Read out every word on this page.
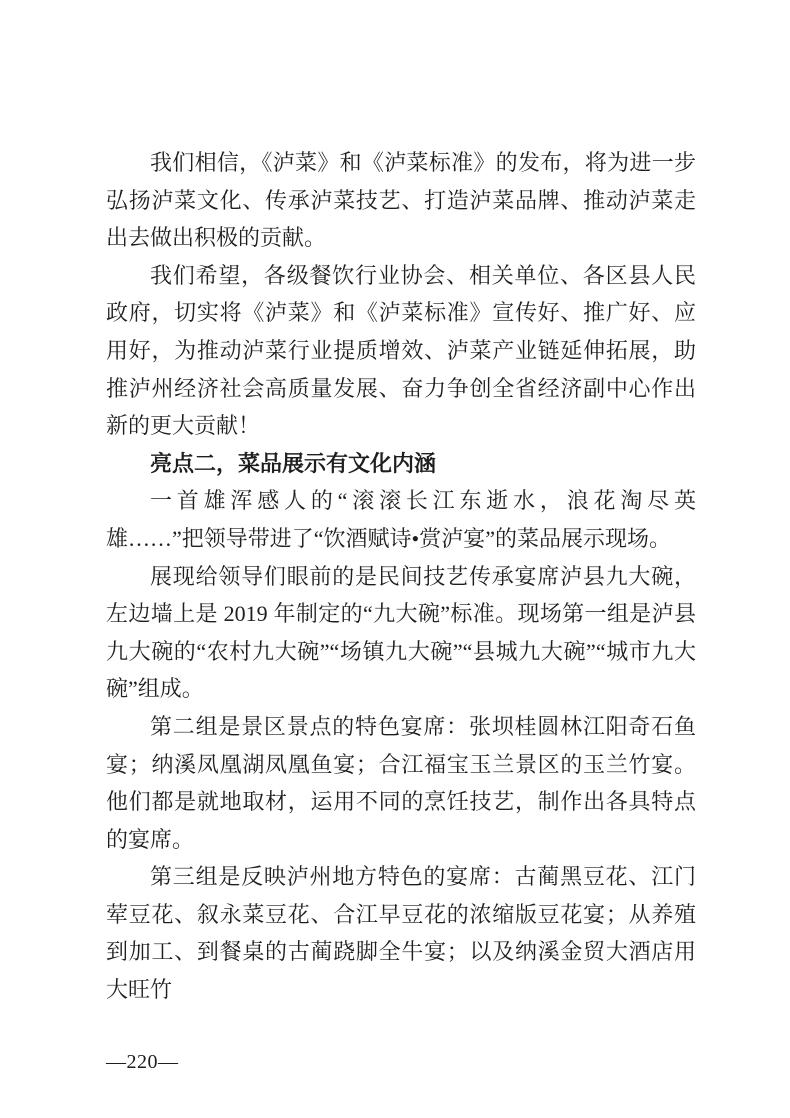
我们相信，《泸菜》和《泸菜标准》的发布，将为进一步弘扬泸菜文化、传承泸菜技艺、打造泸菜品牌、推动泸菜走出去做出积极的贡献。

我们希望，各级餐饮行业协会、相关单位、各区县人民政府，切实将《泸菜》和《泸菜标准》宣传好、推广好、应用好，为推动泸菜行业提质增效、泸菜产业链延伸拓展，助推泸州经济社会高质量发展、奋力争创全省经济副中心作出新的更大贡献！

亮点二，菜品展示有文化内涵

一首雄浑感人的“滚滚长江东逝水，浪花淘尽英雄……”把领导带进了“饮酒赋诗•赏泸宴”的菜品展示现场。

展现给领导们眼前的是民间技艺传承宴席泸县九大碗，左边墙上是 2019 年制定的“九大碗”标准。现场第一组是泸县九大碗的“农村九大碗”“场镇九大碗”“县城九大碗”“城市九大碗”组成。

第二组是景区景点的特色宴席：张坝桂圆林江阳奇石鱼宴；纳溪凤凰湖凤凰鱼宴；合江福宝玉兰景区的玉兰竹宴。他们都是就地取材，运用不同的烹饪技艺，制作出各具特点的宴席。

第三组是反映泸州地方特色的宴席：古蔺黑豆花、江门荤豆花、叙永菜豆花、合江早豆花的浓缩版豆花宴；从养殖到加工、到餐桌的古蔺跷脚全牛宴；以及纳溪金贸大酒店用大旺竹

—220—
